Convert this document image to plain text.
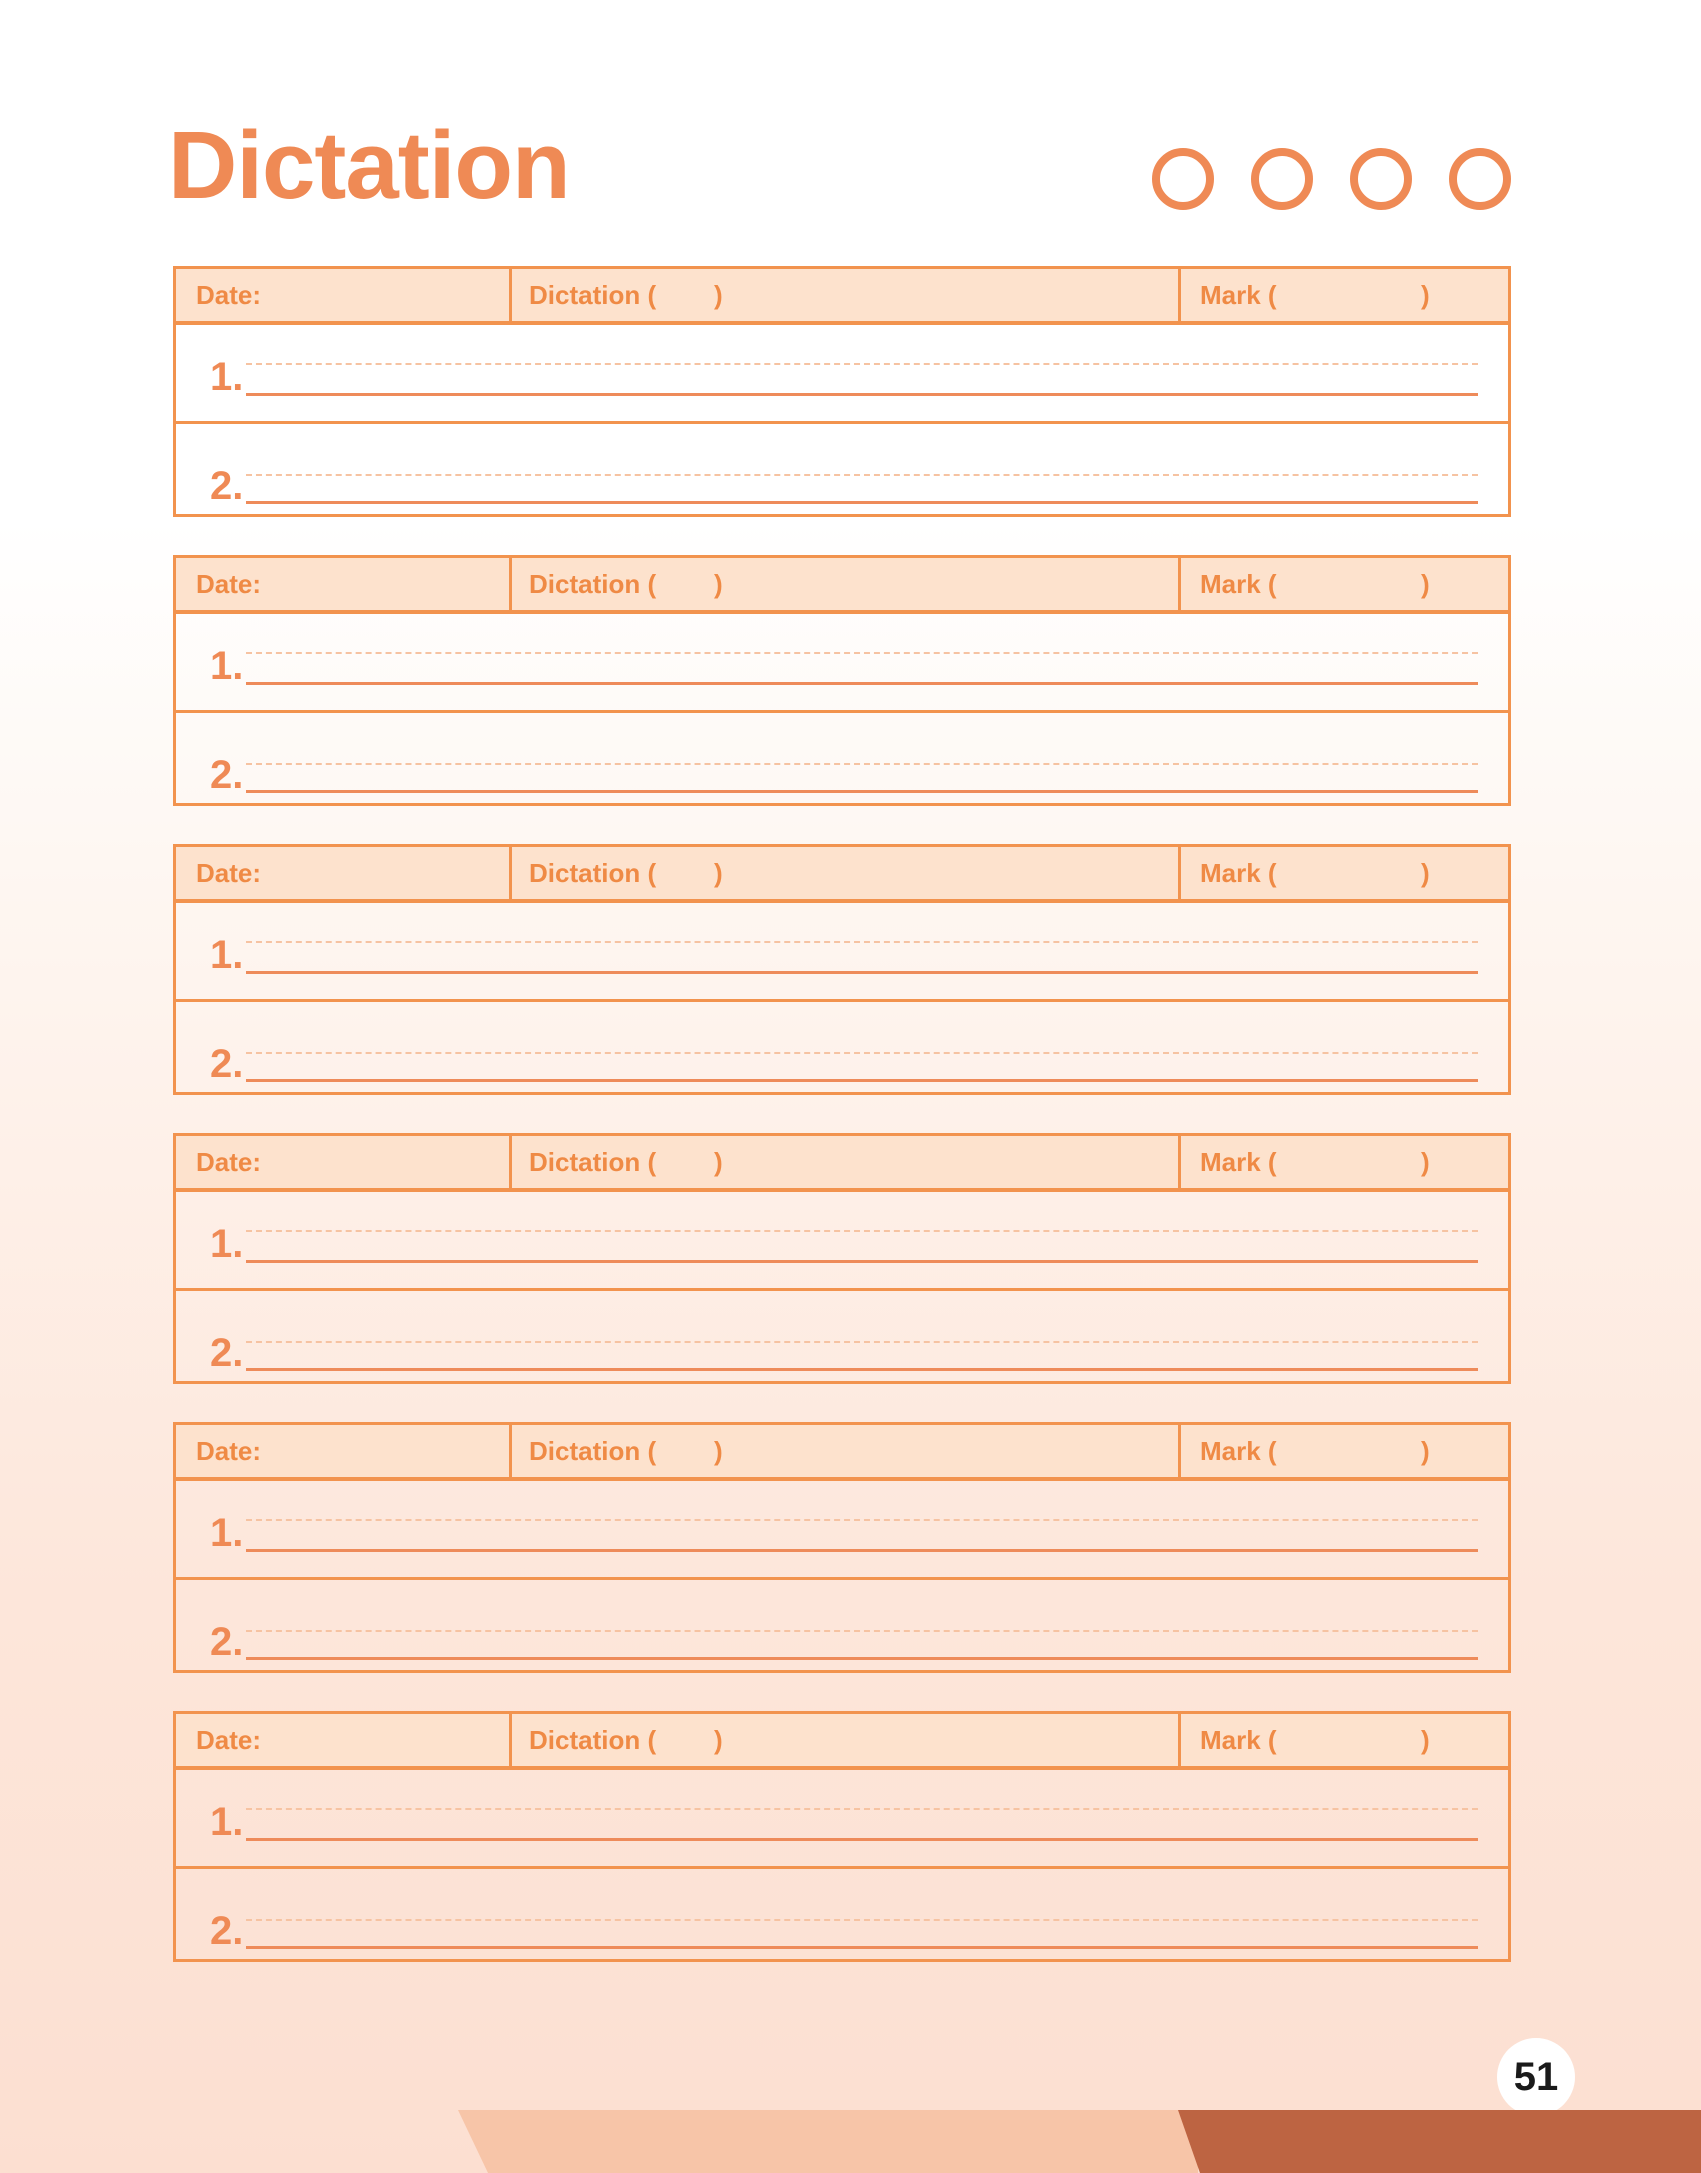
Dictation
Date:	Dictation ( )	Mark (	)
1.
2.
Date:	Dictation ( )	Mark (	)
1.
2.
Date:	Dictation ( )	Mark (	)
1.
2.
Date:	Dictation ( )	Mark (	)
1.
2.
Date:	Dictation ( )	Mark (	)
1.
2.
Date:	Dictation ( )	Mark (	)
1.
2.
51
